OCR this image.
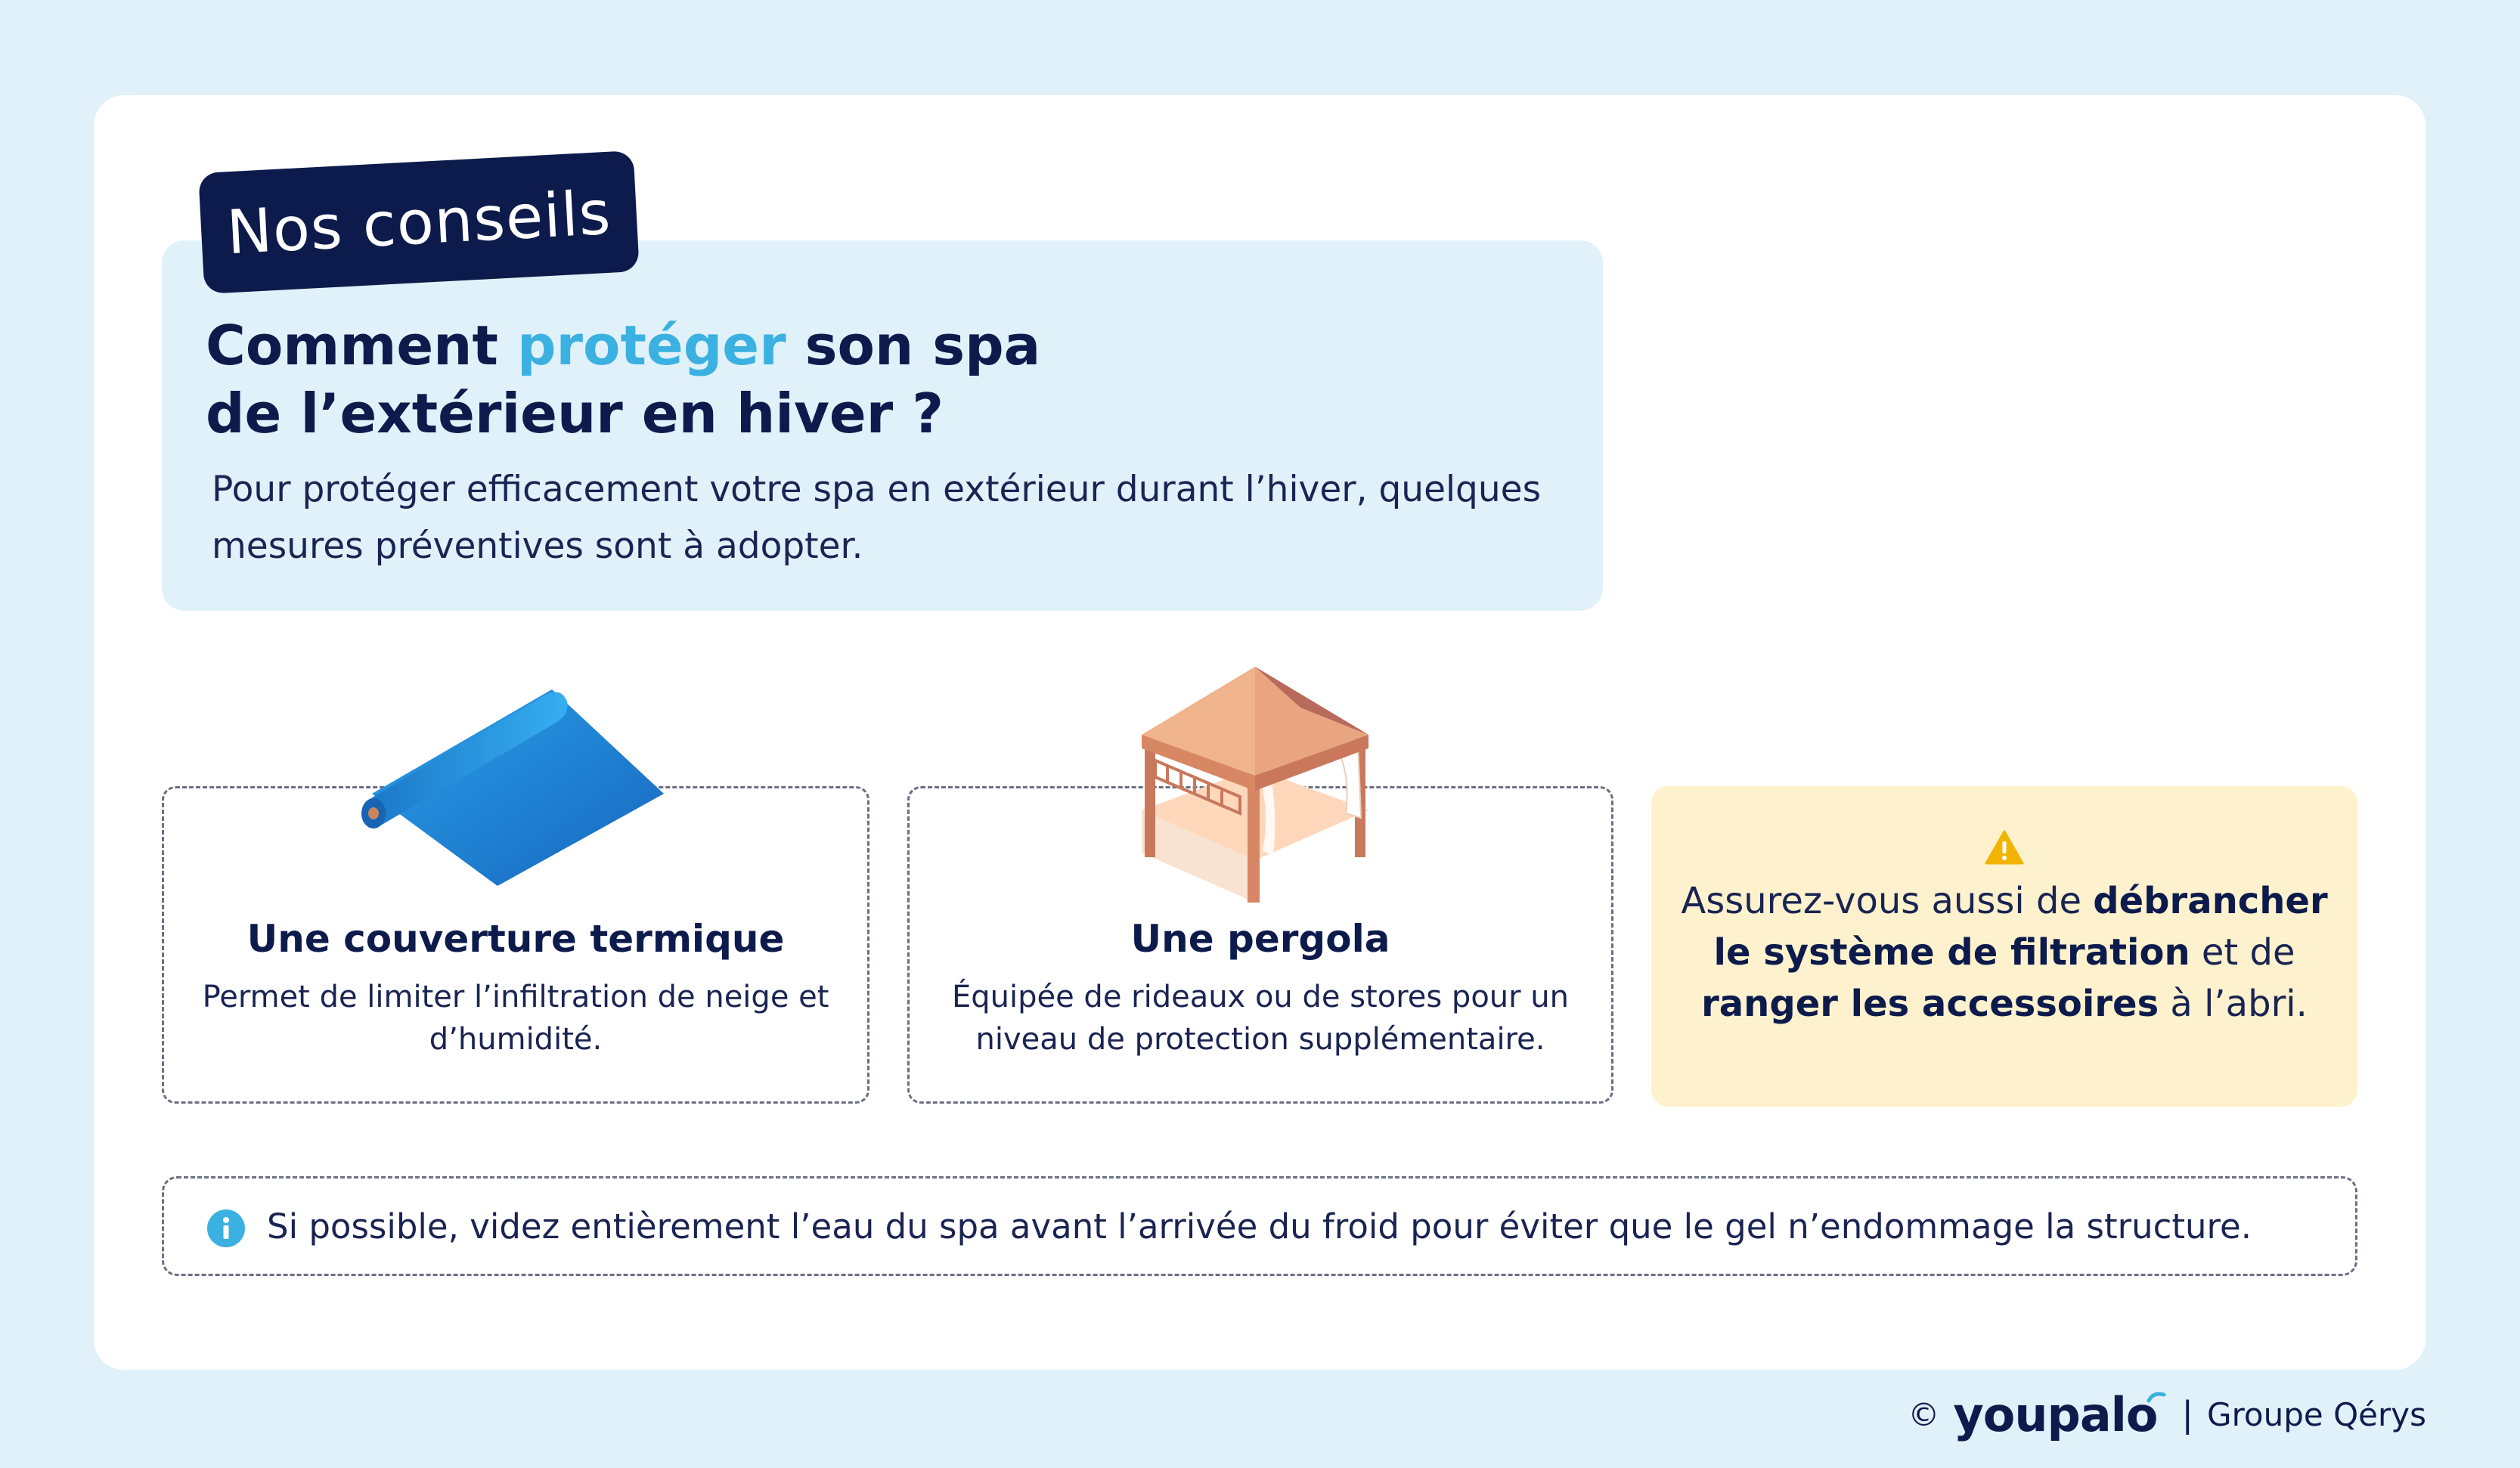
Nos conseils
Comment protéger son spa
de l’extérieur en hiver ?

Pour protéger efficacement votre spa en extérieur durant l’hiver, quelques mesures préventives sont à adopter.

Une couverture termique
Permet de limiter l’infiltration de neige et d’humidité.
Une pergola
Équipée de rideaux ou de stores pour un niveau de protection supplémentaire.

Assurez-vous aussi de débrancher le système de filtration et de ranger les accessoires à l’abri.

Si possible, videz entièrement l’eau du spa avant l’arrivée du froid pour éviter que le gel n’endommage la structure.
© youpalo | Groupe Qérys
